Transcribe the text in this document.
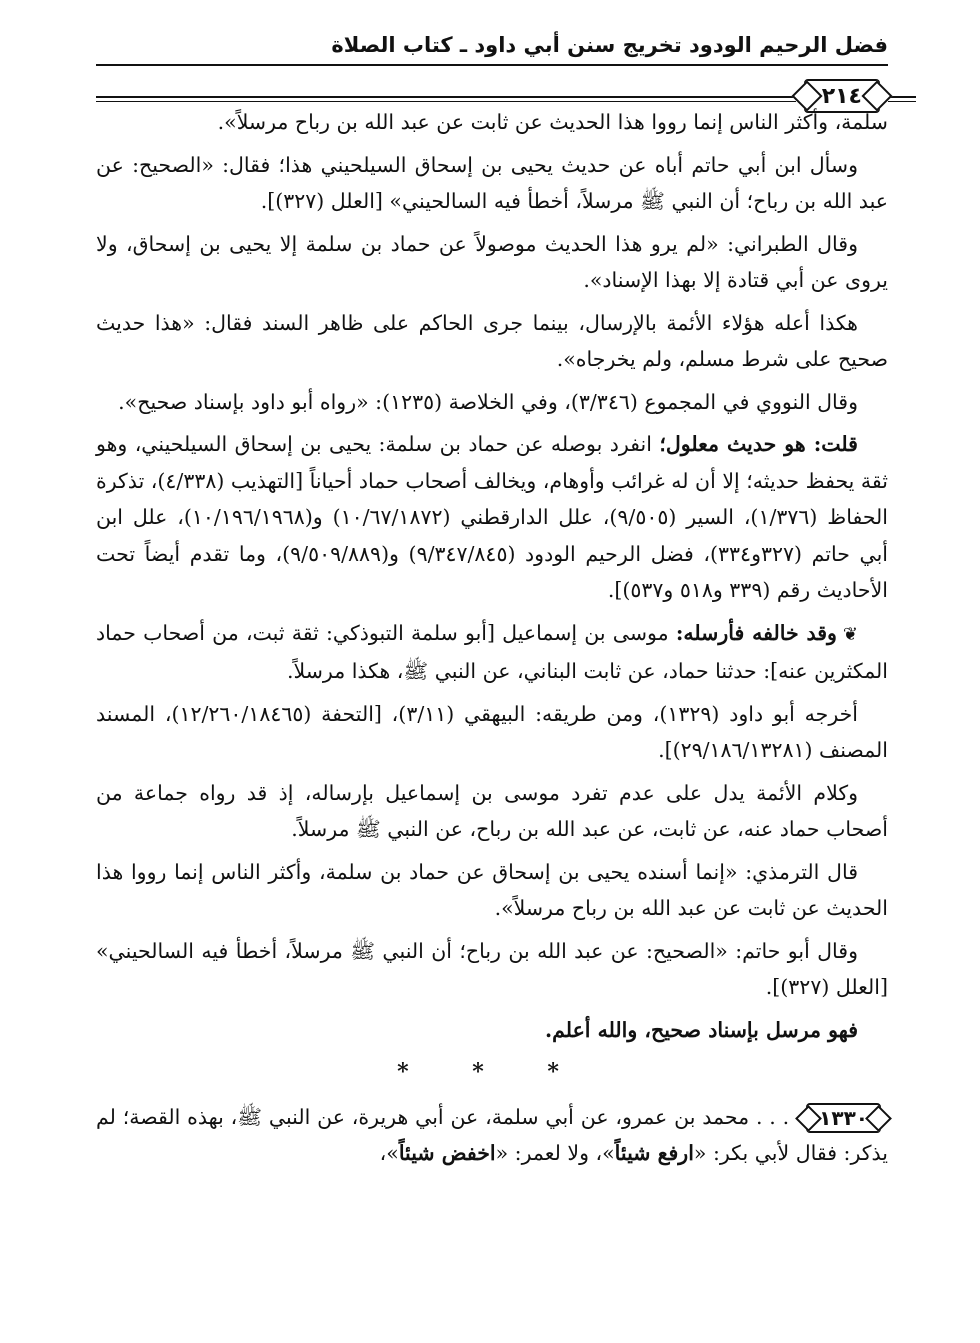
فضل الرحيم الودود تخريج سنن أبي داود ـ كتاب الصلاة
٢١٤

سلمة، وأكثر الناس إنما رووا هذا الحديث عن ثابت عن عبد الله بن رباح مرسلاً».

وسأل ابن أبي حاتم أباه عن حديث يحيى بن إسحاق السيلحيني هذا؛ فقال: «الصحيح: عن عبد الله بن رباح؛ أن النبي ﷺ مرسلاً، أخطأ فيه السالحيني» [العلل (٣٢٧)].

وقال الطبراني: «لم يرو هذا الحديث موصولاً عن حماد بن سلمة إلا يحيى بن إسحاق، ولا يروى عن أبي قتادة إلا بهذا الإسناد».

هكذا أعله هؤلاء الأئمة بالإرسال، بينما جرى الحاكم على ظاهر السند فقال: «هذا حديث صحيح على شرط مسلم، ولم يخرجاه».

وقال النووي في المجموع (٣/٣٤٦)، وفي الخلاصة (١٢٣٥): «رواه أبو داود بإسناد صحيح».

قلت: هو حديث معلول؛ انفرد بوصله عن حماد بن سلمة: يحيى بن إسحاق السيلحيني، وهو ثقة يحفظ حديثه؛ إلا أن له غرائب وأوهام، ويخالف أصحاب حماد أحياناً [التهذيب (٤/٣٣٨)، تذكرة الحفاظ (١/٣٧٦)، السير (٩/٥٠٥)، علل الدارقطني (١٠/٦٧/١٨٧٢) و(١٠/١٩٦/١٩٦٨)، علل ابن أبي حاتم (٣٢٧و٣٣٤)، فضل الرحيم الودود (٩/٣٤٧/٨٤٥) و(٩/٥٠٩/٨٨٩)، وما تقدم أيضاً تحت الأحاديث رقم (٣٣٩ و٥١٨ و٥٣٧)].

❦وقد خالفه فأرسله: موسى بن إسماعيل [أبو سلمة التبوذكي: ثقة ثبت، من أصحاب حماد المكثرين عنه]: حدثنا حماد، عن ثابت البناني، عن النبي ﷺ، هكذا مرسلاً.

أخرجه أبو داود (١٣٢٩)، ومن طريقه: البيهقي (٣/١١)، [التحفة (١٢/٢٦٠/١٨٤٦٥)، المسند المصنف (٢٩/١٨٦/١٣٢٨١)].

وكلام الأئمة يدل على عدم تفرد موسى بن إسماعيل بإرساله، إذ قد رواه جماعة من أصحاب حماد عنه، عن ثابت، عن عبد الله بن رباح، عن النبي ﷺ مرسلاً.

قال الترمذي: «إنما أسنده يحيى بن إسحاق عن حماد بن سلمة، وأكثر الناس إنما رووا هذا الحديث عن ثابت عن عبد الله بن رباح مرسلاً».

وقال أبو حاتم: «الصحيح: عن عبد الله بن رباح؛ أن النبي ﷺ مرسلاً، أخطأ فيه السالحيني» [العلل (٣٢٧)].

فهو مرسل بإسناد صحيح، والله أعلم.

* * *

١٣٣٠
. . . محمد بن عمرو، عن أبي سلمة، عن أبي هريرة، عن النبي ﷺ، بهذه القصة؛ لم يذكر: فقال لأبي بكر: «ارفع شيئاً»، ولا لعمر: «اخفض شيئاً»،
